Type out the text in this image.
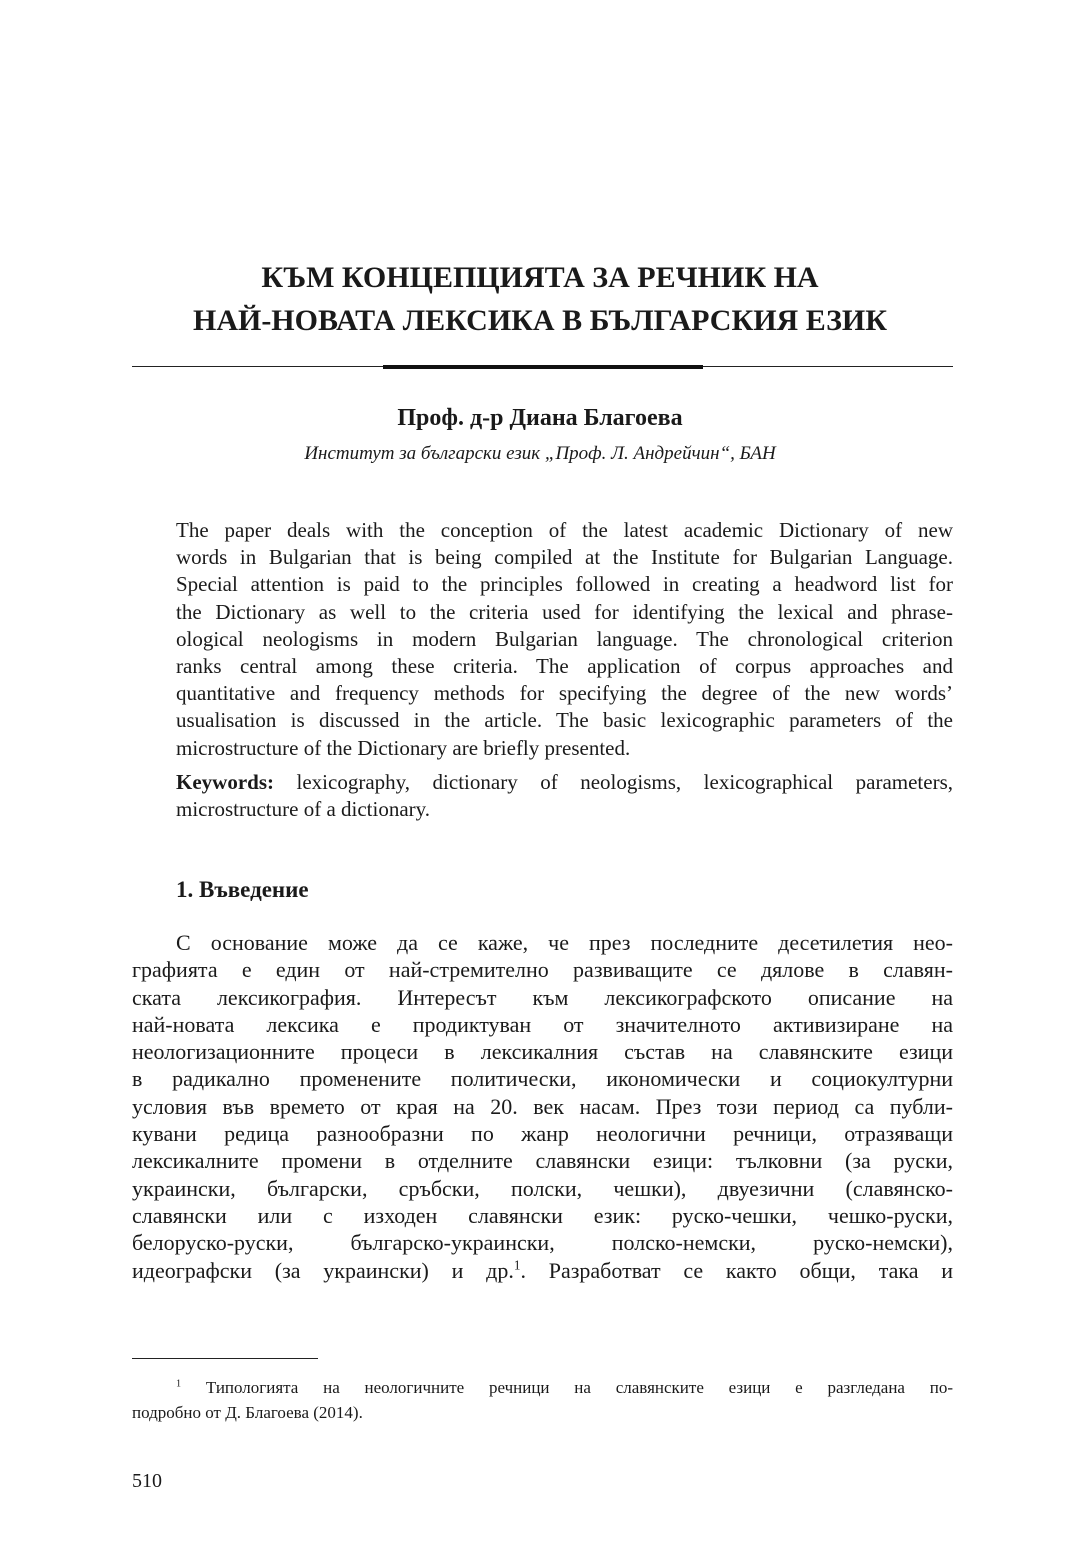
КЪМ КОНЦЕПЦИЯТА ЗА РЕЧНИК НА
НАЙ-НОВАТА ЛЕКСИКА В БЪЛГАРСКИЯ ЕЗИК
Проф. д-р Диана Благоева
Институт за български език „Проф. Л. Андрейчин“, БАН
The paper deals with the conception of the latest academic Dictionary of new
words in Bulgarian that is being compiled at the Institute for Bulgarian Language.
Special attention is paid to the principles followed in creating a headword list for
the Dictionary as well to the criteria used for identifying the lexical and phrase-
ological neologisms in modern Bulgarian language. The chronological criterion
ranks central among these criteria. The application of corpus approaches and
quantitative and frequency methods for specifying the degree of the new words’
usualisation is discussed in the article. The basic lexicographic parameters of the
microstructure of the Dictionary are briefly presented.
Keywords: lexicography, dictionary of neologisms, lexicographical parameters,
microstructure of a dictionary.
1. Въведение
С основание може да се каже, че през последните десетилетия нео-
графията е един от най-стремително развиващите се дялове в славян-
ската лексикография. Интересът към лексикографското описание на
най-новата лексика е продиктуван от значителното активизиране на
неологизационните процеси в лексикалния състав на славянските езици
в радикално променените политически, икономически и социокултурни
условия във времето от края на 20. век насам. През този период са публи-
кувани редица разнообразни по жанр неологични речници, отразяващи
лексикалните промени в отделните славянски езици: тълковни (за руски,
украински, български, сръбски, полски, чешки), двуезични (славянско-
славянски или с изходен славянски език: руско-чешки, чешко-руски,
белоруско-руски, българско-украински, полско-немски, руско-немски),
идеографски (за украински) и др.$^1$. Разработват се както общи, така и
$^1$ Типологията на неологичните речници на славянските езици е разгледана по-
подробно от Д. Благоева (2014).
510
